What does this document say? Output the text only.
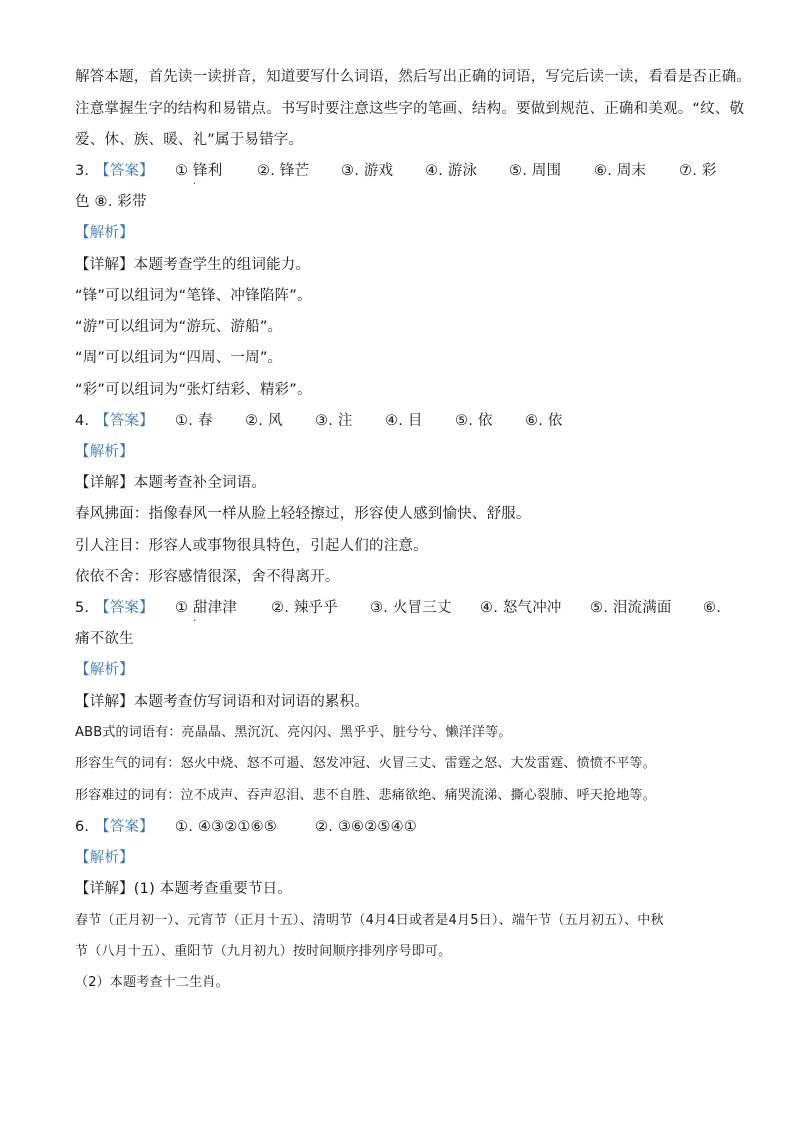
解答本题，首先读一读拼音，知道要写什么词语，然后写出正确的词语，写完后读一读，看看是否正确。
注意掌握生字的结构和易错点。书写时要注意这些字的笔画、结构。要做到规范、正确和美观。“纹、敬
爱、休、族、暖、礼”属于易错字。
3. 【答案】 ① 锋利 ②. 锋芒 ③. 游戏 ④. 游泳 ⑤. 周围 ⑥. 周末 ⑦. 彩
·
色 ⑧. 彩带
【解析】
【详解】本题考查学生的组词能力。
“锋”可以组词为“笔锋、冲锋陷阵”。
“游”可以组词为“游玩、游船”。
“周”可以组词为“四周、一周”。
“彩”可以组词为“张灯结彩、精彩”。
4. 【答案】 ①. 春 ②. 风 ③. 注 ④. 目 ⑤. 依 ⑥. 依
【解析】
【详解】本题考查补全词语。
春风拂面：指像春风一样从脸上轻轻擦过，形容使人感到愉快、舒服。
引人注目：形容人或事物很具特色，引起人们的注意。
依依不舍：形容感情很深，舍不得离开。
5. 【答案】 ① 甜津津 ②. 辣乎乎 ③. 火冒三丈 ④. 怒气冲冲 ⑤. 泪流满面 ⑥.
·
痛不欲生
【解析】
【详解】本题考查仿写词语和对词语的累积。
ABB式的词语有：亮晶晶、黑沉沉、亮闪闪、黑乎乎、脏兮兮、懒洋洋等。
形容生气的词有：怒火中烧、怒不可遏、怒发冲冠、火冒三丈、雷霆之怒、大发雷霆、愤愤不平等。
形容难过的词有：泣不成声、吞声忍泪、悲不自胜、悲痛欲绝、痛哭流涕、撕心裂肺、呼天抢地等。
6. 【答案】 ①. ④③②①⑥⑤	②. ③⑥②⑤④①
【解析】
【详解】(1) 本题考查重要节日。
春节（正月初一）、元宵节（正月十五）、清明节（4月4日或者是4月5日）、端午节（五月初五）、中秋
节（八月十五）、重阳节（九月初九）按时间顺序排列序号即可。
（2）本题考查十二生肖。
